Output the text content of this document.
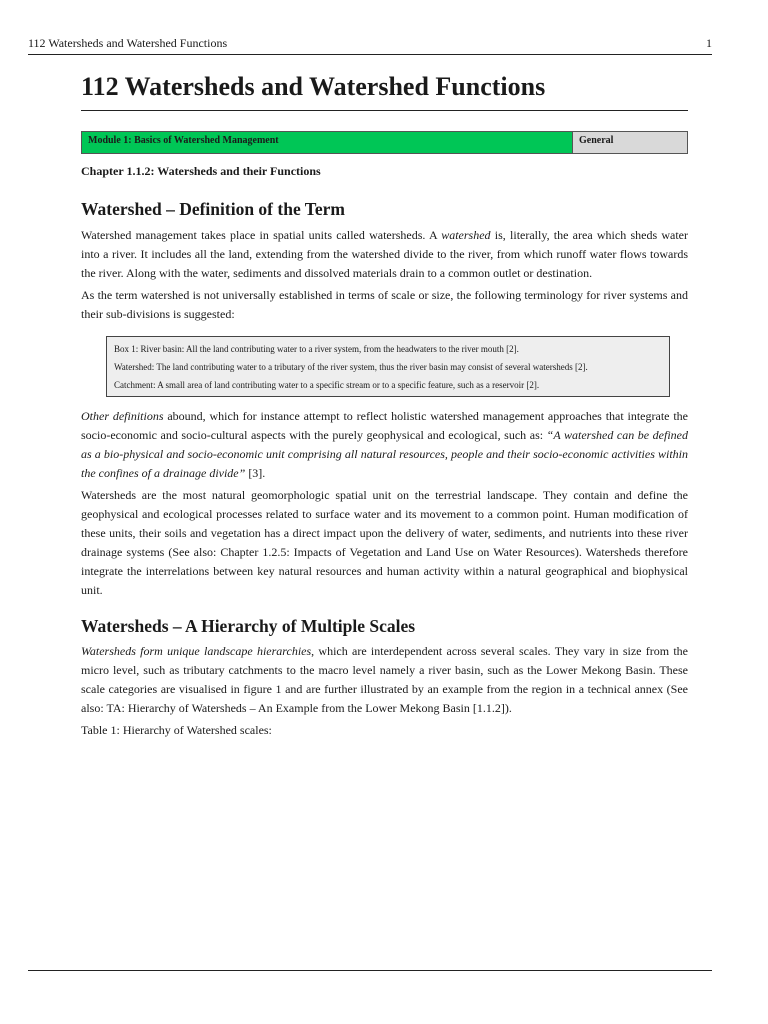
112 Watersheds and Watershed Functions	1
112 Watersheds and Watershed Functions
Module 1: Basics of Watershed Management	General
Chapter 1.1.2: Watersheds and their Functions
Watershed – Definition of the Term

Watershed management takes place in spatial units called watersheds. A watershed is, literally, the area which sheds water into a river. It includes all the land, extending from the watershed divide to the river, from which runoff water flows towards the river. Along with the water, sediments and dissolved materials drain to a common outlet or destination.

As the term watershed is not universally established in terms of scale or size, the following terminology for river systems and their sub-divisions is suggested:

Box 1: River basin: All the land contributing water to a river system, from the headwaters to the river mouth [2].
Watershed: The land contributing water to a tributary of the river system, thus the river basin may consist of several watersheds [2].
Catchment: A small area of land contributing water to a specific stream or to a specific feature, such as a reservoir [2].

Other definitions abound, which for instance attempt to reflect holistic watershed management approaches that integrate the socio-economic and socio-cultural aspects with the purely geophysical and ecological, such as: “A watershed can be defined as a bio-physical and socio-economic unit comprising all natural resources, people and their socio-economic activities within the confines of a drainage divide” [3].

Watersheds are the most natural geomorphologic spatial unit on the terrestrial landscape. They contain and define the geophysical and ecological processes related to surface water and its movement to a common point. Human modification of these units, their soils and vegetation has a direct impact upon the delivery of water, sediments, and nutrients into these river drainage systems (See also: Chapter 1.2.5: Impacts of Vegetation and Land Use on Water Resources). Watersheds therefore integrate the interrelations between key natural resources and human activity within a natural geographical and biophysical unit.

Watersheds – A Hierarchy of Multiple Scales

Watersheds form unique landscape hierarchies, which are interdependent across several scales. They vary in size from the micro level, such as tributary catchments to the macro level namely a river basin, such as the Lower Mekong Basin. These scale categories are visualised in figure 1 and are further illustrated by an example from the region in a technical annex (See also: TA: Hierarchy of Watersheds – An Example from the Lower Mekong Basin [1.1.2]).

Table 1: Hierarchy of Watershed scales:
